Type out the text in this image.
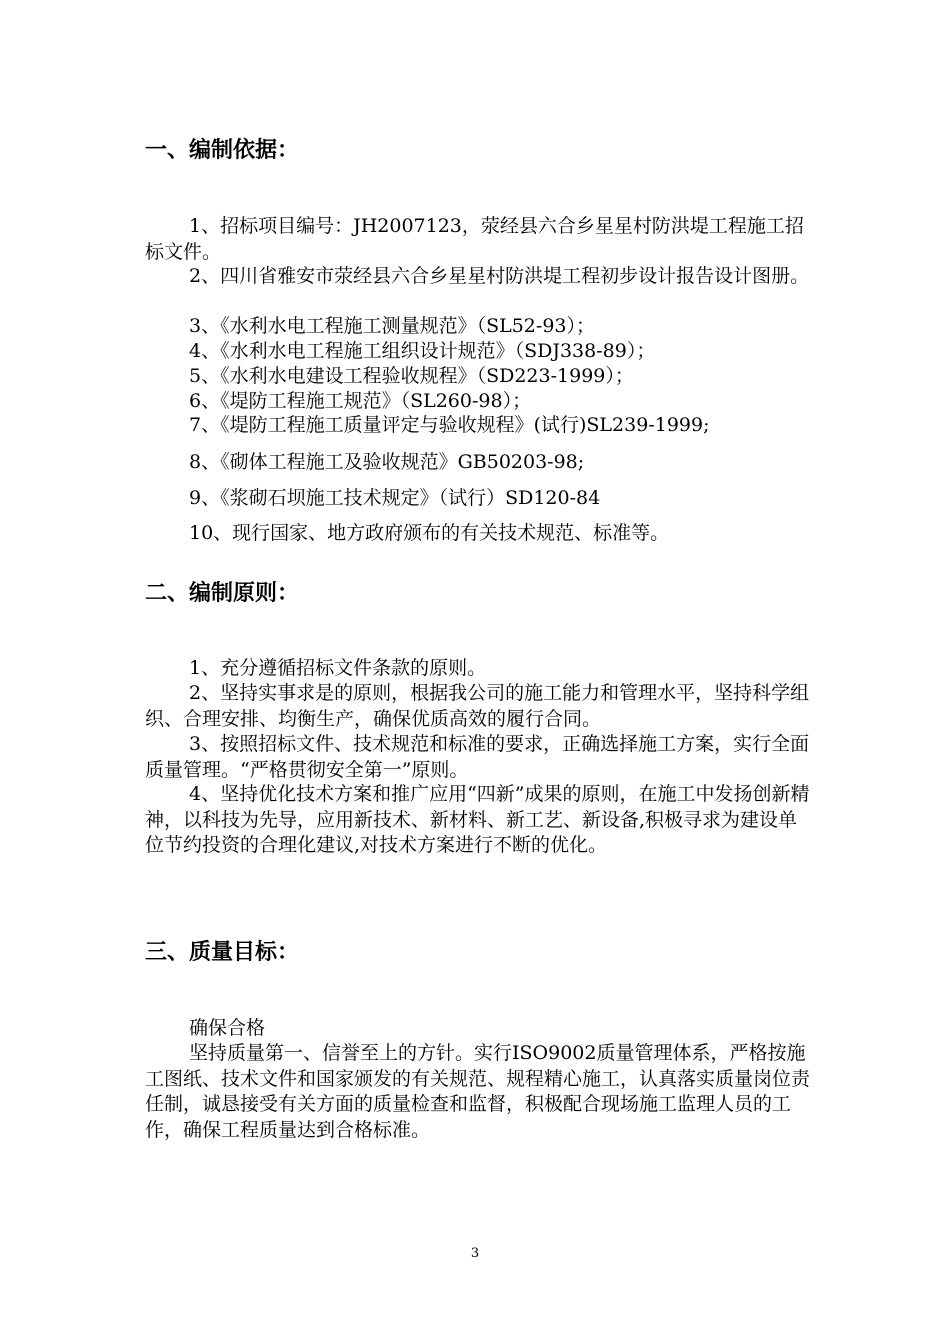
一、编制依据：
1、招标项目编号：JH2007123，荥经县六合乡星星村防洪堤工程施工招标文件。
2、四川省雅安市荥经县六合乡星星村防洪堤工程初步设计报告设计图册。
3、《水利水电工程施工测量规范》（SL52-93）；
4、《水利水电工程施工组织设计规范》（SDJ338-89）；
5、《水利水电建设工程验收规程》（SD223-1999）；
6、《堤防工程施工规范》（SL260-98）；
7、《堤防工程施工质量评定与验收规程》(试行)SL239-1999;
8、《砌体工程施工及验收规范》GB50203-98;
9、《浆砌石坝施工技术规定》（试行）SD120-84
10、现行国家、地方政府颁布的有关技术规范、标准等。
二、编制原则：
1、充分遵循招标文件条款的原则。
2、坚持实事求是的原则，根据我公司的施工能力和管理水平，坚持科学组织、合理安排、均衡生产，确保优质高效的履行合同。
3、按照招标文件、技术规范和标准的要求，正确选择施工方案，实行全面质量管理。“严格贯彻安全第一”原则。
4、坚持优化技术方案和推广应用“四新”成果的原则，在施工中发扬创新精神，以科技为先导，应用新技术、新材料、新工艺、新设备,积极寻求为建设单位节约投资的合理化建议,对技术方案进行不断的优化。
三、质量目标：
确保合格
坚持质量第一、信誉至上的方针。实行ISO9002质量管理体系，严格按施工图纸、技术文件和国家颁发的有关规范、规程精心施工，认真落实质量岗位责任制，诚恳接受有关方面的质量检查和监督，积极配合现场施工监理人员的工作，确保工程质量达到合格标准。
3
